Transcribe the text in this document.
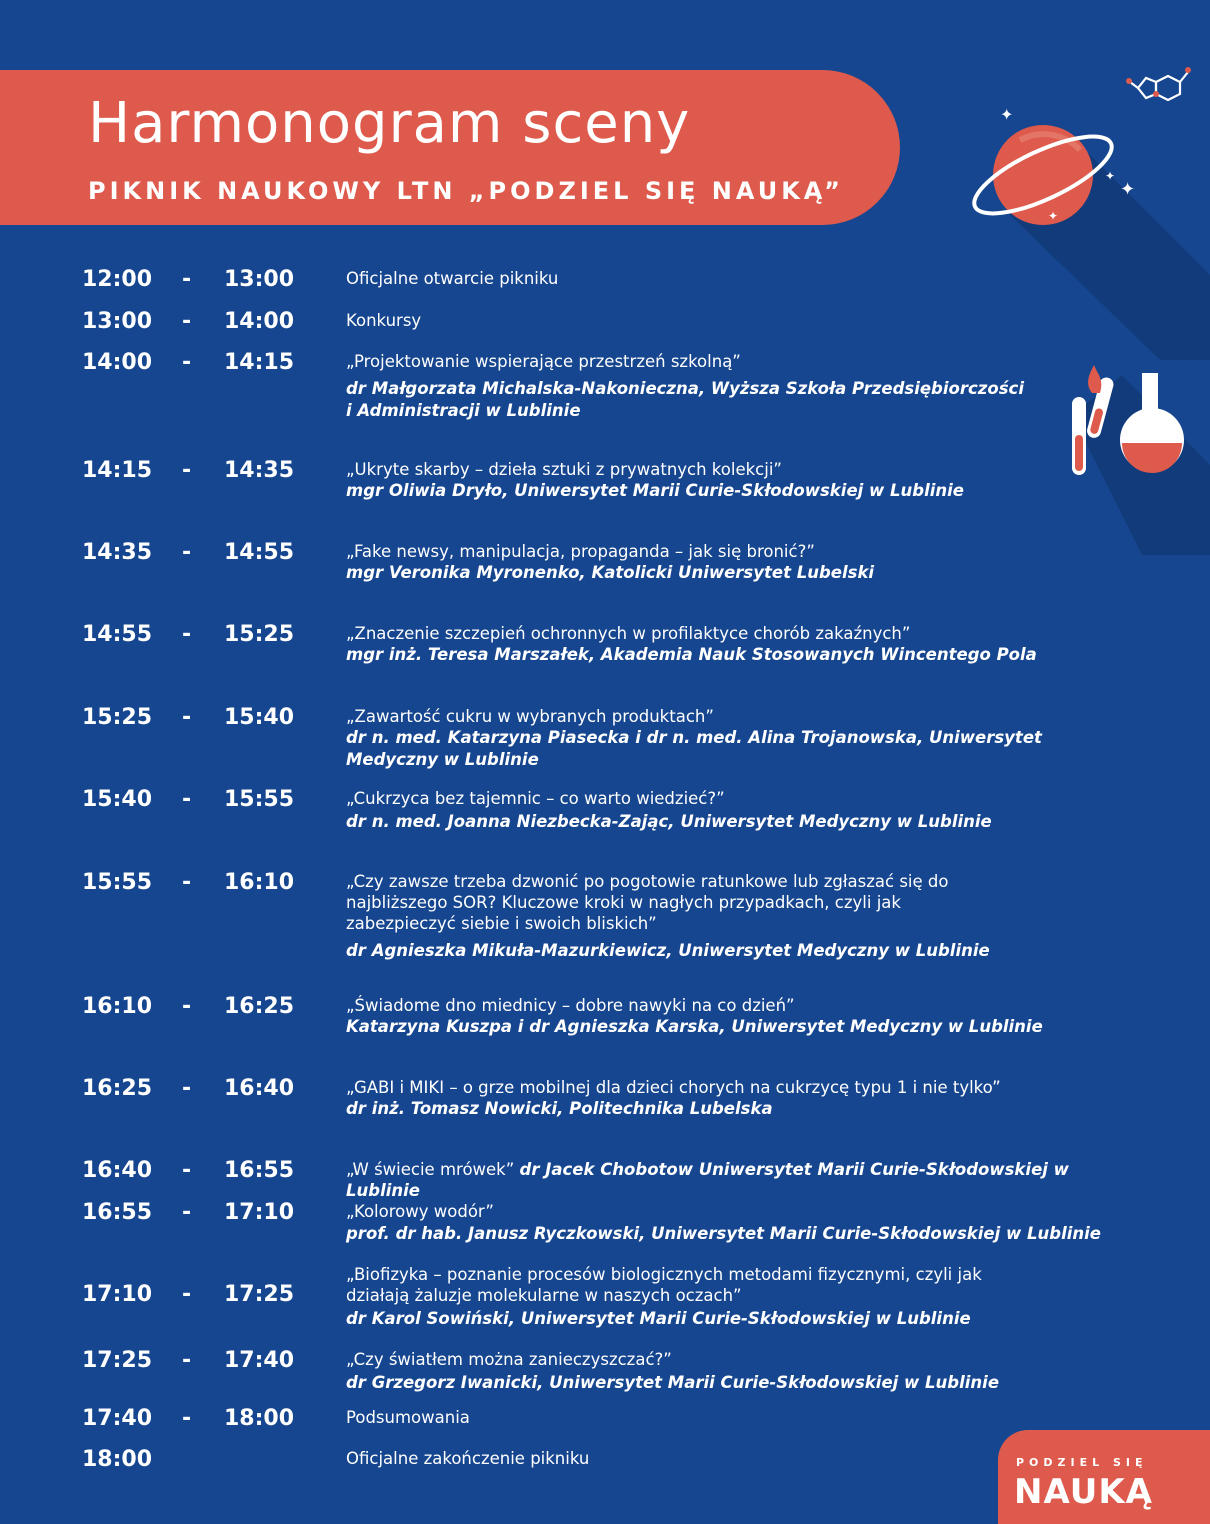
Harmonogram sceny
PIKNIK NAUKOWY LTN „PODZIEL SIĘ NAUKĄ”
✦
✦
✦
✦
12:00 - 13:00	Oficjalne otwarcie pikniku
13:00 - 14:00	Konkursy
14:00 - 14:15	„Projektowanie wspierające przestrzeń szkolną”
dr Małgorzata Michalska-Nakonieczna, Wyższa Szkoła Przedsiębiorczości
i Administracji w Lublinie
14:15 - 14:35	„Ukryte skarby – dzieła sztuki z prywatnych kolekcji”
mgr Oliwia Dryło, Uniwersytet Marii Curie-Skłodowskiej w Lublinie
14:35 - 14:55	„Fake newsy, manipulacja, propaganda – jak się bronić?”
mgr Veronika Myronenko, Katolicki Uniwersytet Lubelski
14:55 - 15:25	„Znaczenie szczepień ochronnych w profilaktyce chorób zakaźnych”
mgr inż. Teresa Marszałek, Akademia Nauk Stosowanych Wincentego Pola
15:25 - 15:40	„Zawartość cukru w wybranych produktach”
dr n. med. Katarzyna Piasecka i dr n. med. Alina Trojanowska, Uniwersytet Medyczny w Lublinie
15:40 - 15:55	„Cukrzyca bez tajemnic – co warto wiedzieć?”
dr n. med. Joanna Niezbecka-Zając, Uniwersytet Medyczny w Lublinie
15:55 - 16:10	„Czy zawsze trzeba dzwonić po pogotowie ratunkowe lub zgłaszać się do
najbliższego SOR? Kluczowe kroki w nagłych przypadkach, czyli jak
zabezpieczyć siebie i swoich bliskich”
dr Agnieszka Mikuła-Mazurkiewicz, Uniwersytet Medyczny w Lublinie
16:10 - 16:25	„Świadome dno miednicy – dobre nawyki na co dzień”
Katarzyna Kuszpa i dr Agnieszka Karska, Uniwersytet Medyczny w Lublinie
16:25 - 16:40	„GABI i MIKI – o grze mobilnej dla dzieci chorych na cukrzycę typu 1 i nie tylko”
dr inż. Tomasz Nowicki, Politechnika Lubelska
16:40 - 16:55	„W świecie mrówek” dr Jacek Chobotow Uniwersytet Marii Curie-Skłodowskiej w Lublinie
16:55 - 17:10	„Kolorowy wodór”
prof. dr hab. Janusz Ryczkowski, Uniwersytet Marii Curie-Skłodowskiej w Lublinie
17:10 - 17:25
„Biofizyka – poznanie procesów biologicznych metodami fizycznymi, czyli jak
działają żaluzje molekularne w naszych oczach”
dr Karol Sowiński, Uniwersytet Marii Curie-Skłodowskiej w Lublinie
17:25 - 17:40	„Czy światłem można zanieczyszczać?”
dr Grzegorz Iwanicki, Uniwersytet Marii Curie-Skłodowskiej w Lublinie
17:40 - 18:00	Podsumowania
18:00	Oficjalne zakończenie pikniku	PODZIEL SIĘ
NAUKĄ
